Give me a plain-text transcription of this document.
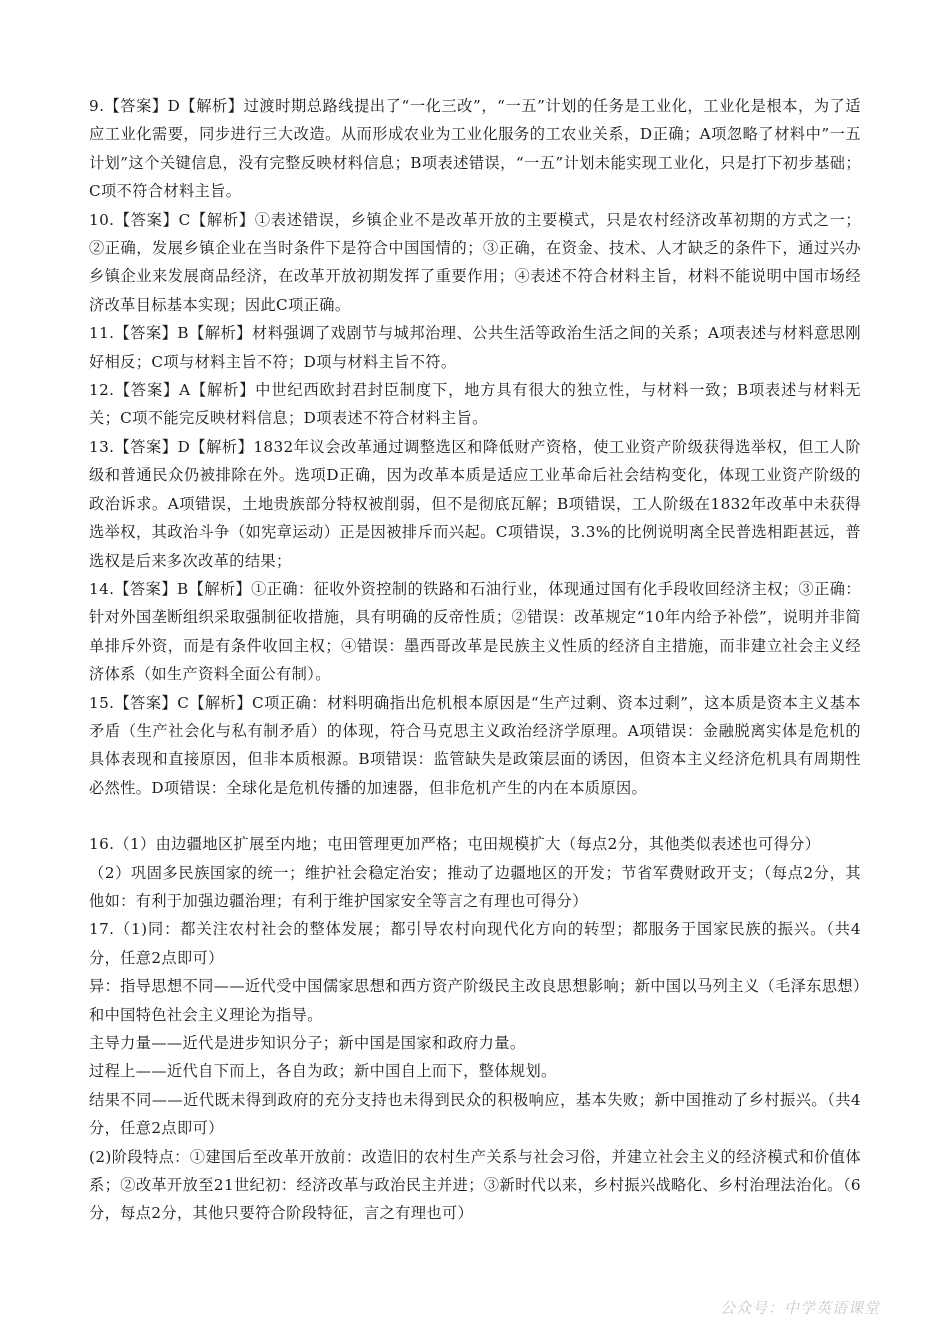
9.【答案】D【解析】过渡时期总路线提出了“一化三改”，“一五”计划的任务是工业化，工业化是根本，为了适应工业化需要，同步进行三大改造。从而形成农业为工业化服务的工农业关系，D正确；A项忽略了材料中”一五计划”这个关键信息，没有完整反映材料信息；B项表述错误，“一五”计划未能实现工业化，只是打下初步基础；C项不符合材料主旨。

10.【答案】C【解析】①表述错误，乡镇企业不是改革开放的主要模式，只是农村经济改革初期的方式之一； ②正确，发展乡镇企业在当时条件下是符合中国国情的；③正确，在资金、技术、人才缺乏的条件下，通过兴办乡镇企业来发展商品经济，在改革开放初期发挥了重要作用；④表述不符合材料主旨，材料不能说明中国市场经济改革目标基本实现；因此C项正确。

11.【答案】B【解析】材料强调了戏剧节与城邦治理、公共生活等政治生活之间的关系；A项表述与材料意思刚好相反；C项与材料主旨不符；D项与材料主旨不符。

12.【答案】A【解析】中世纪西欧封君封臣制度下，地方具有很大的独立性，与材料一致；B项表述与材料无关；C项不能完反映材料信息；D项表述不符合材料主旨。

13.【答案】D【解析】1832年议会改革通过调整选区和降低财产资格，使工业资产阶级获得选举权，但工人阶级和普通民众仍被排除在外。选项D正确，因为改革本质是适应工业革命后社会结构变化，体现工业资产阶级的政治诉求。A项错误，土地贵族部分特权被削弱，但不是彻底瓦解；B项错误，工人阶级在1832年改革中未获得选举权，其政治斗争（如宪章运动）正是因被排斥而兴起。C项错误，3.3%的比例说明离全民普选相距甚远，普选权是后来多次改革的结果；

14.【答案】B【解析】①正确：征收外资控制的铁路和石油行业，体现通过国有化手段收回经济主权；③正确：针对外国垄断组织采取强制征收措施，具有明确的反帝性质；②错误：改革规定“10年内给予补偿”，说明并非简单排斥外资，而是有条件收回主权；④错误：墨西哥改革是民族主义性质的经济自主措施，而非建立社会主义经济体系（如生产资料全面公有制）。

15.【答案】C【解析】C项正确：材料明确指出危机根本原因是“生产过剩、资本过剩”，这本质是资本主义基本矛盾（生产社会化与私有制矛盾）的体现，符合马克思主义政治经济学原理。A项错误：金融脱离实体是危机的具体表现和直接原因，但非本质根源。B项错误：监管缺失是政策层面的诱因，但资本主义经济危机具有周期性必然性。D项错误：全球化是危机传播的加速器，但非危机产生的内在本质原因。

16.（1）由边疆地区扩展至内地；屯田管理更加严格；屯田规模扩大（每点2分，其他类似表述也可得分）

（2）巩固多民族国家的统一；维护社会稳定治安；推动了边疆地区的开发；节省军费财政开支；（每点2分，其他如：有利于加强边疆治理；有利于维护国家安全等言之有理也可得分）

17.（1)同：都关注农村社会的整体发展；都引导农村向现代化方向的转型；都服务于国家民族的振兴。（共4分，任意2点即可）

异：指导思想不同——近代受中国儒家思想和西方资产阶级民主改良思想影响；新中国以马列主义（毛泽东思想）和中国特色社会主义理论为指导。

主导力量——近代是进步知识分子；新中国是国家和政府力量。

过程上——近代自下而上，各自为政；新中国自上而下，整体规划。

结果不同——近代既未得到政府的充分支持也未得到民众的积极响应，基本失败；新中国推动了乡村振兴。（共4分，任意2点即可）

(2)阶段特点：①建国后至改革开放前：改造旧的农村生产关系与社会习俗，并建立社会主义的经济模式和价值体系；②改革开放至21世纪初：经济改革与政治民主并进；③新时代以来，乡村振兴战略化、乡村治理法治化。（6分，每点2分，其他只要符合阶段特征，言之有理也可）

公众号：中学英语课堂
